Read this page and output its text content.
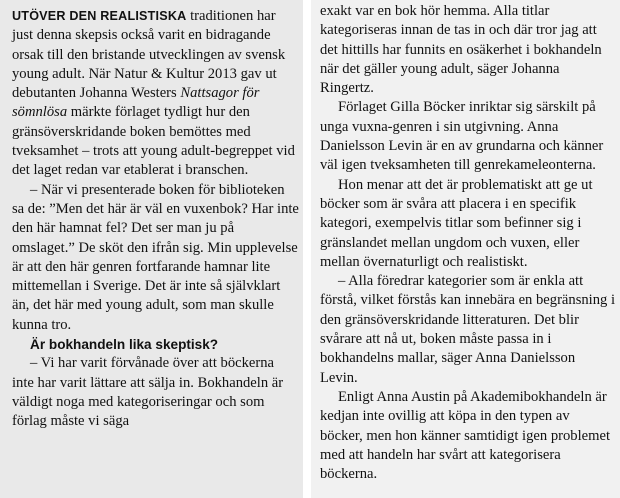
UTÖVER DEN REALISTISKA traditionen har just denna skepsis också varit en bidragande orsak till den bristande utvecklingen av svensk young adult. När Natur & Kultur 2013 gav ut debutanten Johanna Westers Nattsagor för sömnlösa märkte förlaget tydligt hur den gränsöverskridande boken bemöttes med tveksamhet – trots att young adult-begreppet vid det laget redan var etablerat i branschen.

– När vi presenterade boken för biblioteken sa de: ”Men det här är väl en vuxenbok? Har inte den här hamnat fel? Det ser man ju på omslaget.” De sköt den ifrån sig. Min upplevelse är att den här genren fortfarande hamnar lite mittemellan i Sverige. Det är inte så självklart än, det här med young adult, som man skulle kunna tro.

Är bokhandeln lika skeptisk?

– Vi har varit förvånade över att böckerna inte har varit lättare att sälja in. Bokhandeln är väldigt noga med kategoriseringar och som förlag måste vi säga

exakt var en bok hör hemma. Alla titlar kategoriseras innan de tas in och där tror jag att det hittills har funnits en osäkerhet i bokhandeln när det gäller young adult, säger Johanna Ringertz.

Förlaget Gilla Böcker inriktar sig särskilt på unga vuxna-genren i sin utgivning. Anna Danielsson Levin är en av grundarna och känner väl igen tveksamheten till genrekameleonterna.

Hon menar att det är problematiskt att ge ut böcker som är svåra att placera i en specifik kategori, exempelvis titlar som befinner sig i gränslandet mellan ungdom och vuxen, eller mellan övernaturligt och realistiskt.

– Alla föredrar kategorier som är enkla att förstå, vilket förstås kan innebära en begränsning i den gränsöverskridande litteraturen. Det blir svårare att nå ut, boken måste passa in i bokhandelns mallar, säger Anna Danielsson Levin.

Enligt Anna Austin på Akademibokhandeln är kedjan inte ovillig att köpa in den typen av böcker, men hon känner samtidigt igen problemet med att handeln har svårt att kategorisera böckerna.
